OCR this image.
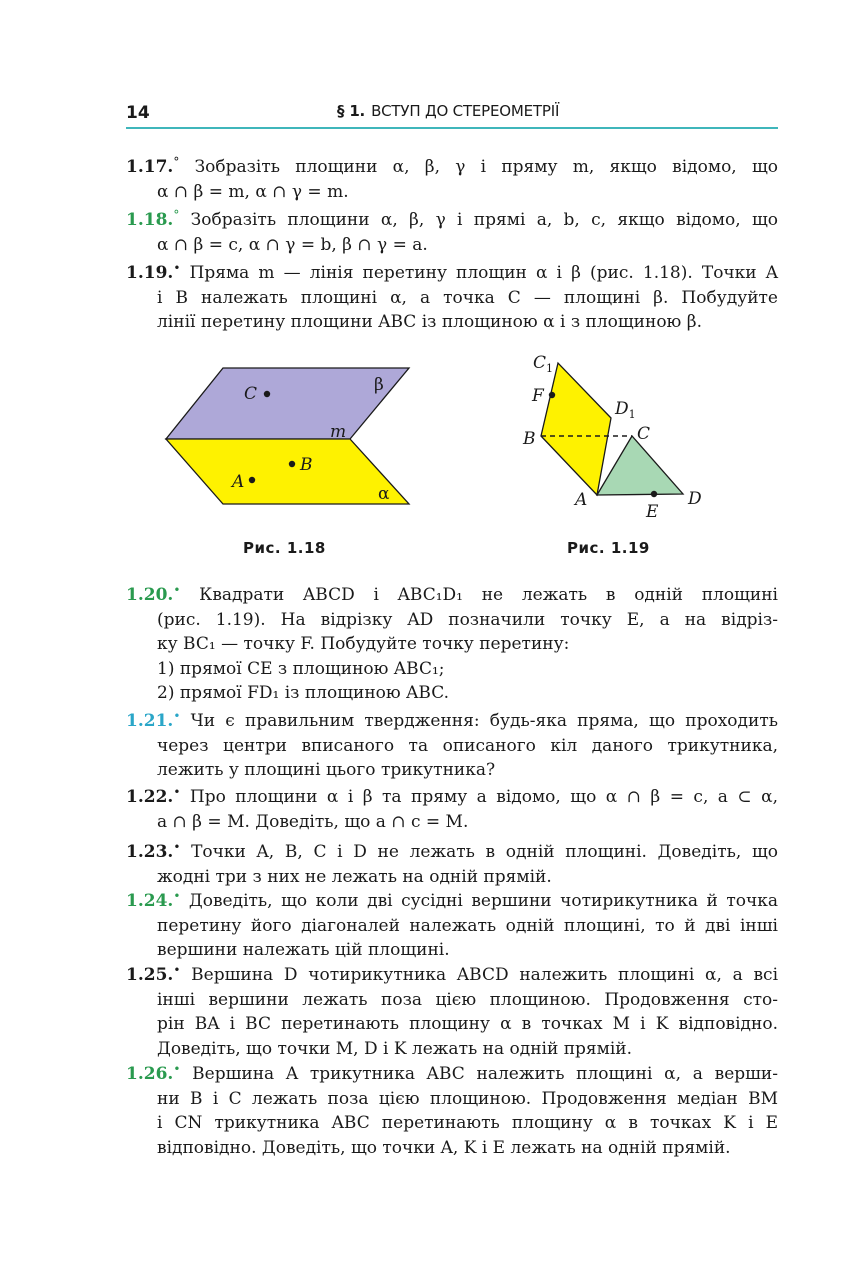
14	§ 1. ВСТУП ДО СТЕРЕОМЕТРІЇ
1.17.° Зобразіть площини α, β, γ і пряму m, якщо відомо, що
α ∩ β = m, α ∩ γ = m.
1.18.° Зобразіть площини α, β, γ і прямі a, b, c, якщо відомо, що
α ∩ β = c, α ∩ γ = b, β ∩ γ = a.
1.19.• Пряма m — лінія перетину площин α і β (рис. 1.18). Точки A
і B належать площині α, а точка C — площині β. Побудуйте
лінії перетину площини ABC із площиною α і з площиною β.
C	β
m
B
A
α
Рис. 1.18
$C_1$
F
$D_1$
B	C
A
E
D
Рис. 1.19
1.20.• Квадрати ABCD і ABC₁D₁ не лежать в одній площині
(рис. 1.19). На відрізку AD позначили точку E, а на відріз-
ку BC₁ — точку F. Побудуйте точку перетину:
1) прямої CE з площиною ABC₁;
2) прямої FD₁ із площиною ABC.
1.21.• Чи є правильним твердження: будь-яка пряма, що проходить
через центри вписаного та описаного кіл даного трикутника,
лежить у площині цього трикутника?
1.22.• Про площини α і β та пряму a відомо, що α ∩ β = c, a ⊂ α,
a ∩ β = M. Доведіть, що a ∩ c = M.
1.23.• Точки A, B, C і D не лежать в одній площині. Доведіть, що
жодні три з них не лежать на одній прямій.
1.24.• Доведіть, що коли дві сусідні вершини чотирикутника й точка
перетину його діагоналей належать одній площині, то й дві інші
вершини належать цій площині.
1.25.• Вершина D чотирикутника ABCD належить площині α, а всі
інші вершини лежать поза цією площиною. Продовження сто-
рін BA і BC перетинають площину α в точках M і K відповідно.
Доведіть, що точки M, D і K лежать на одній прямій.
1.26.• Вершина A трикутника ABC належить площині α, а верши-
ни B і C лежать поза цією площиною. Продовження медіан BM
і CN трикутника ABC перетинають площину α в точках K і E
відповідно. Доведіть, що точки A, K і E лежать на одній прямій.
